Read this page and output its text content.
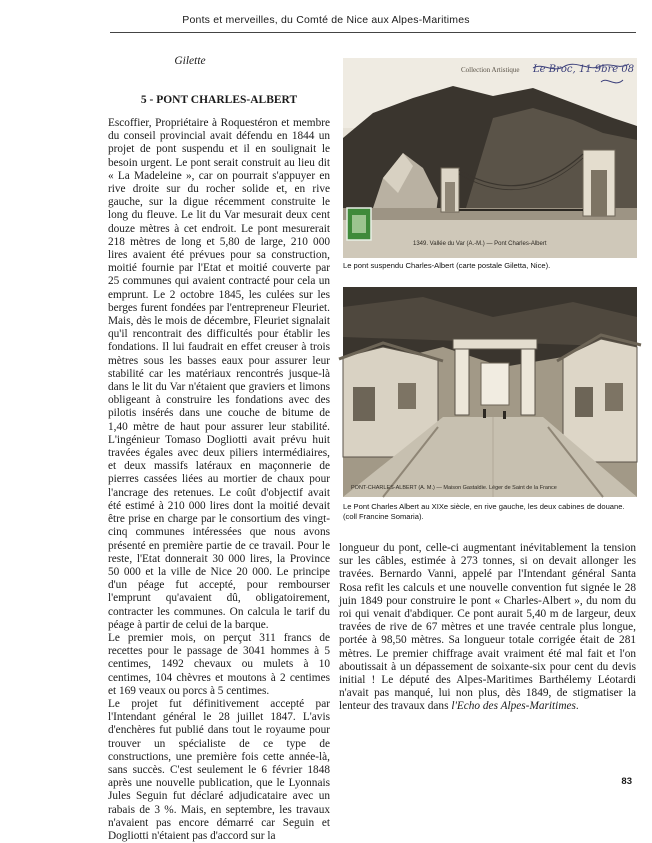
Ponts et merveilles, du Comté de Nice aux Alpes-Maritimes
Gilette
5 - PONT CHARLES-ALBERT

Escoffier, Propriétaire à Roquestéron et membre du conseil provincial avait défendu en 1844 un projet de pont suspendu et il en soulignait le besoin urgent. Le pont serait construit au lieu dit « La Madeleine », car on pourrait s'appuyer en rive droite sur du rocher solide et, en rive gauche, sur la digue récemment construite le long du fleuve. Le lit du Var mesurait deux cent douze mètres à cet endroit. Le pont mesurerait 218 mètres de long et 5,80 de large, 210 000 lires avaient été prévues pour sa construction, moitié fournie par l'Etat et moitié couverte par 25 communes qui avaient contracté pour cela un emprunt. Le 2 octobre 1845, les culées sur les berges furent fondées par l'entrepreneur Fleuriet. Mais, dès le mois de décembre, Fleuriet signalait qu'il rencontrait des difficultés pour établir les fondations. Il lui faudrait en effet creuser à trois mètres sous les basses eaux pour assurer leur stabilité car les matériaux rencontrés jusque-là dans le lit du Var n'étaient que graviers et limons obligeant à construire les fondations avec des pilotis insérés dans une couche de bitume de 1,40 mètre de haut pour assurer leur stabilité. L'ingénieur Tomaso Dogliotti avait prévu huit travées égales avec deux piliers intermédiaires, et deux massifs latéraux en maçonnerie de pierres cassées liées au mortier de chaux pour l'ancrage des retenues. Le coût d'objectif avait été estimé à 210 000 lires dont la moitié devait être prise en charge par le consortium des vingt-cinq communes intéressées que nous avons présenté en première partie de ce travail. Pour le reste, l'Etat donnerait 30 000 lires, la Province 50 000 et la ville de Nice 20 000. Le principe d'un péage fut accepté, pour rembourser l'emprunt qu'avaient dû, obligatoirement, contracter les communes. On calcula le tarif du péage à partir de celui de la barque.

Le premier mois, on perçut 311 francs de recettes pour le passage de 3041 hommes à 5 centimes, 1492 chevaux ou mulets à 10 centimes, 104 chèvres et moutons à 2 centimes et 169 veaux ou porcs à 5 centimes.

Le projet fut définitivement accepté par l'Intendant général le 28 juillet 1847. L'avis d'enchères fut publié dans tout le royaume pour trouver un spécialiste de ce type de constructions, une première fois cette année-là, sans succès. C'est seulement le 6 février 1848 après une nouvelle publication, que le Lyonnais Jules Seguin fut déclaré adjudicataire avec un rabais de 3 %. Mais, en septembre, les travaux n'avaient pas encore démarré car Seguin et Dogliotti n'étaient pas d'accord sur la

longueur du pont, celle-ci augmentant inévitablement la tension sur les câbles, estimée à 273 tonnes, si on devait allonger les travées. Bernardo Vanni, appelé par l'Intendant général Santa Rosa refit les calculs et une nouvelle convention fut signée le 28 juin 1849 pour construire le pont « Charles-Albert », du nom du roi qui venait d'abdiquer. Ce pont aurait 5,40 m de largeur, deux travées de rive de 67 mètres et une travée centrale plus longue, portée à 98,50 mètres. Sa longueur totale corrigée était de 281 mètres. Le premier chiffrage avait vraiment été mal fait et l'on aboutissait à un dépassement de soixante-six pour cent du devis initial ! Le député des Alpes-Maritimes Barthélemy Léotardi n'avait pas manqué, lui non plus, dès 1849, de stigmatiser la lenteur des travaux dans l'Echo des Alpes-Maritimes.

Collection Artistique Le Broc, 11 9bre 08
1349. Vallée du Var (A.-M.) — Pont Charles-Albert
Le pont suspendu Charles-Albert (carte postale Giletta, Nice).
PONT-CHARLES-ALBERT (A. M.) — Maison Gastaldie. Léger de Saint de la France
Le Pont Charles Albert au XIXe siècle, en rive gauche, les deux cabines de douane. (coll Francine Somaria).
83
